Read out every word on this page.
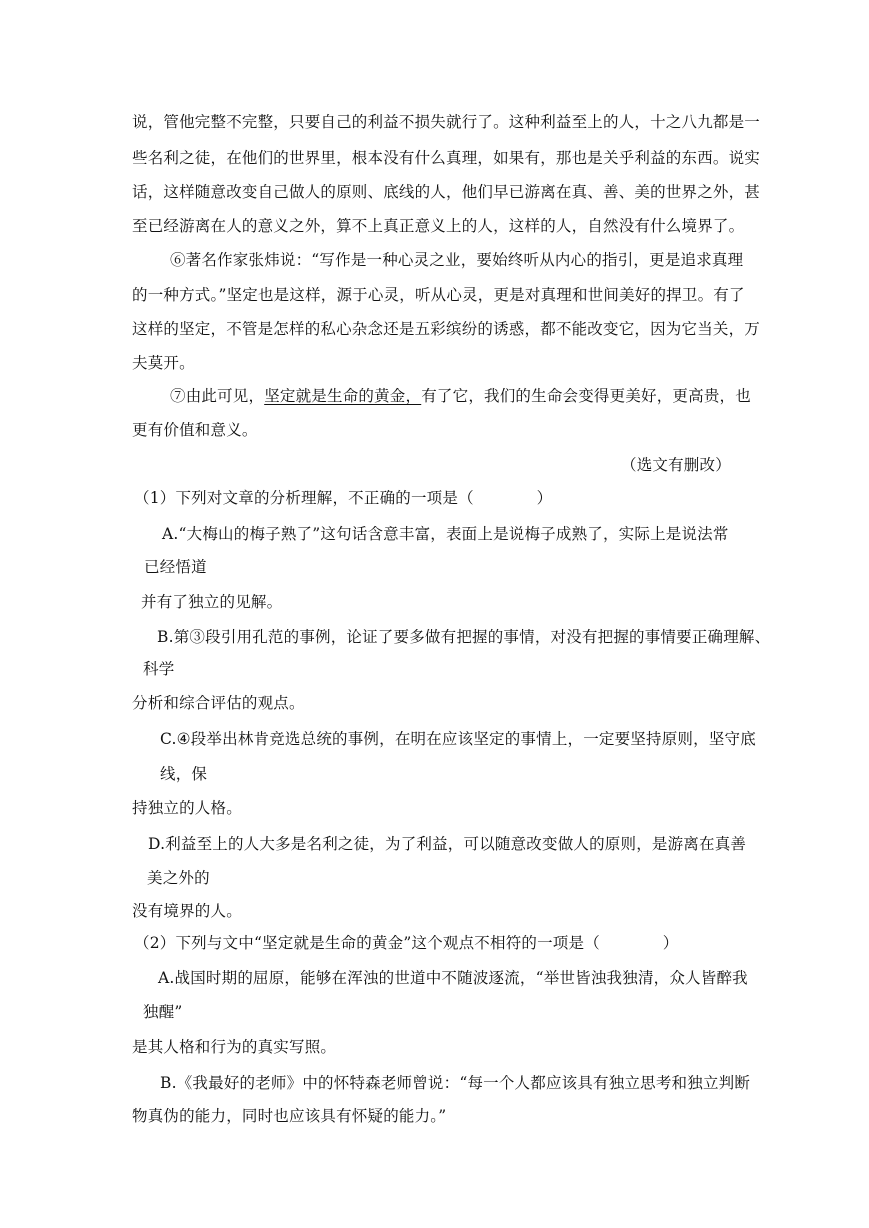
说，管他完整不完整，只要自己的利益不损失就行了。这种利益至上的人，十之八九都是一
些名利之徒，在他们的世界里，根本没有什么真理，如果有，那也是关乎利益的东西。说实
话，这样随意改变自己做人的原则、底线的人，他们早已游离在真、善、美的世界之外，甚
至已经游离在人的意义之外，算不上真正意义上的人，这样的人，自然没有什么境界了。
⑥著名作家张炜说：“写作是一种心灵之业，要始终听从内心的指引，更是追求真理
的一种方式。”坚定也是这样，源于心灵，听从心灵，更是对真理和世间美好的捍卫。有了
这样的坚定，不管是怎样的私心杂念还是五彩缤纷的诱惑，都不能改变它，因为它当关，万
夫莫开。
⑦由此可见，坚定就是生命的黄金，有了它，我们的生命会变得更美好，更高贵，也
更有价值和意义。
（选文有删改）
（1）下列对文章的分析理解，不正确的一项是（　　　　）
A.“大梅山的梅子熟了”这句话含意丰富，表面上是说梅子成熟了，实际上是说法常
已经悟道
并有了独立的见解。
B.第③段引用孔范的事例，论证了要多做有把握的事情，对没有把握的事情要正确理解、
科学
分析和综合评估的观点。
C.④段举出林肯竞选总统的事例，在明在应该坚定的事情上，一定要坚持原则，坚守底
线，保
持独立的人格。
D.利益至上的人大多是名利之徒，为了利益，可以随意改变做人的原则，是游离在真善
美之外的
没有境界的人。
（2）下列与文中“坚定就是生命的黄金”这个观点不相符的一项是（　　　　）
A.战国时期的屈原，能够在浑浊的世道中不随波逐流，“举世皆浊我独清，众人皆醉我
独醒”
是其人格和行为的真实写照。
B.《我最好的老师》中的怀特森老师曾说：“每一个人都应该具有独立思考和独立判断
物真伪的能力，同时也应该具有怀疑的能力。”
